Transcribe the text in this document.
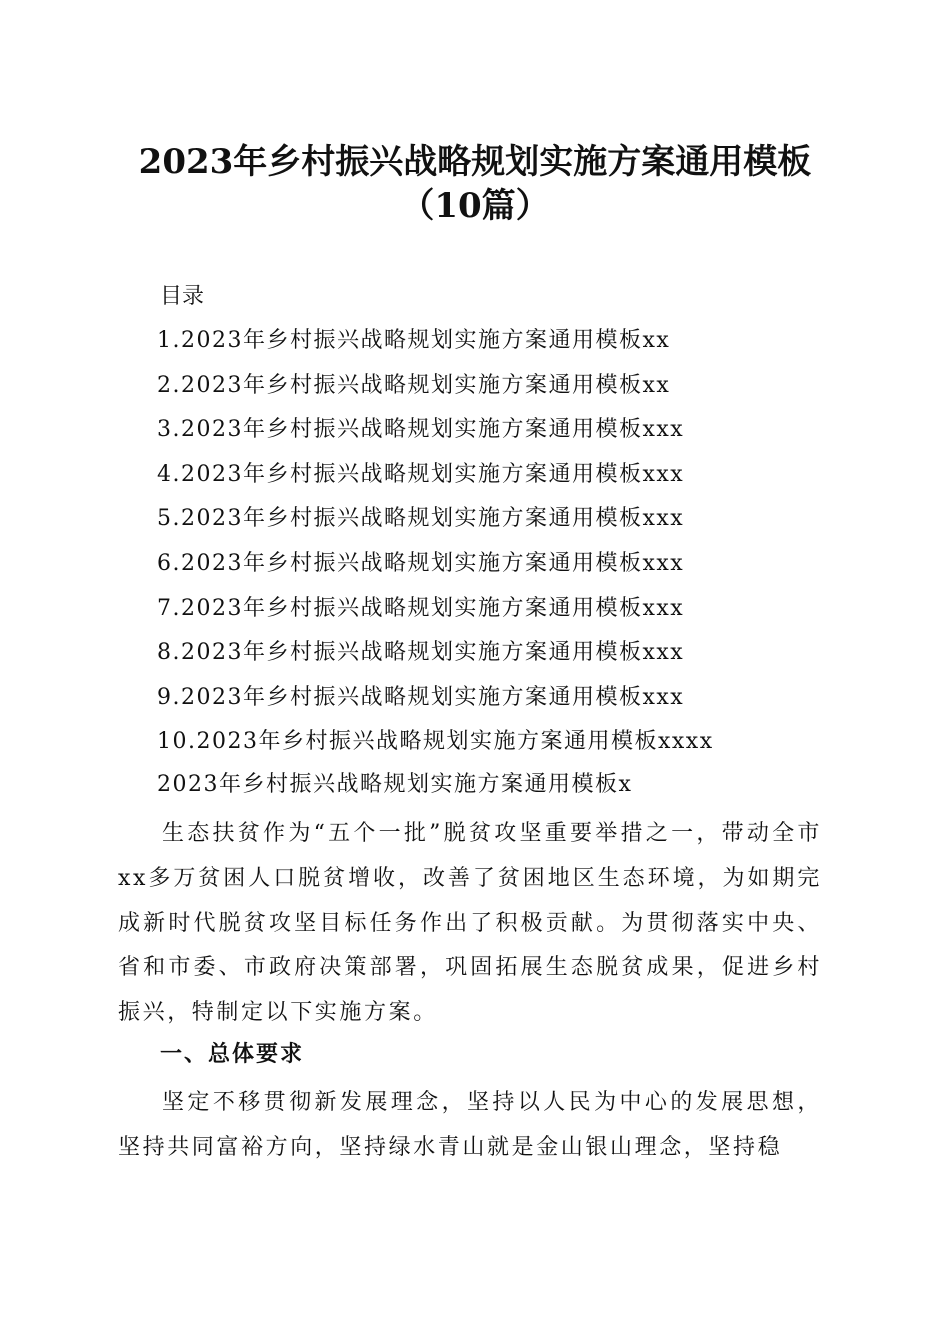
2023年乡村振兴战略规划实施方案通用模板
（10篇）
目录
1.2023年乡村振兴战略规划实施方案通用模板xx
2.2023年乡村振兴战略规划实施方案通用模板xx
3.2023年乡村振兴战略规划实施方案通用模板xxx
4.2023年乡村振兴战略规划实施方案通用模板xxx
5.2023年乡村振兴战略规划实施方案通用模板xxx
6.2023年乡村振兴战略规划实施方案通用模板xxx
7.2023年乡村振兴战略规划实施方案通用模板xxx
8.2023年乡村振兴战略规划实施方案通用模板xxx
9.2023年乡村振兴战略规划实施方案通用模板xxx
10.2023年乡村振兴战略规划实施方案通用模板xxxx
2023年乡村振兴战略规划实施方案通用模板x

生态扶贫作为“五个一批”脱贫攻坚重要举措之一，带动全市xx多万贫困人口脱贫增收，改善了贫困地区生态环境，为如期完成新时代脱贫攻坚目标任务作出了积极贡献。为贯彻落实中央、省和市委、市政府决策部署，巩固拓展生态脱贫成果，促进乡村振兴，特制定以下实施方案。

一、总体要求

坚定不移贯彻新发展理念，坚持以人民为中心的发展思想，坚持共同富裕方向，坚持绿水青山就是金山银山理念，坚持稳
